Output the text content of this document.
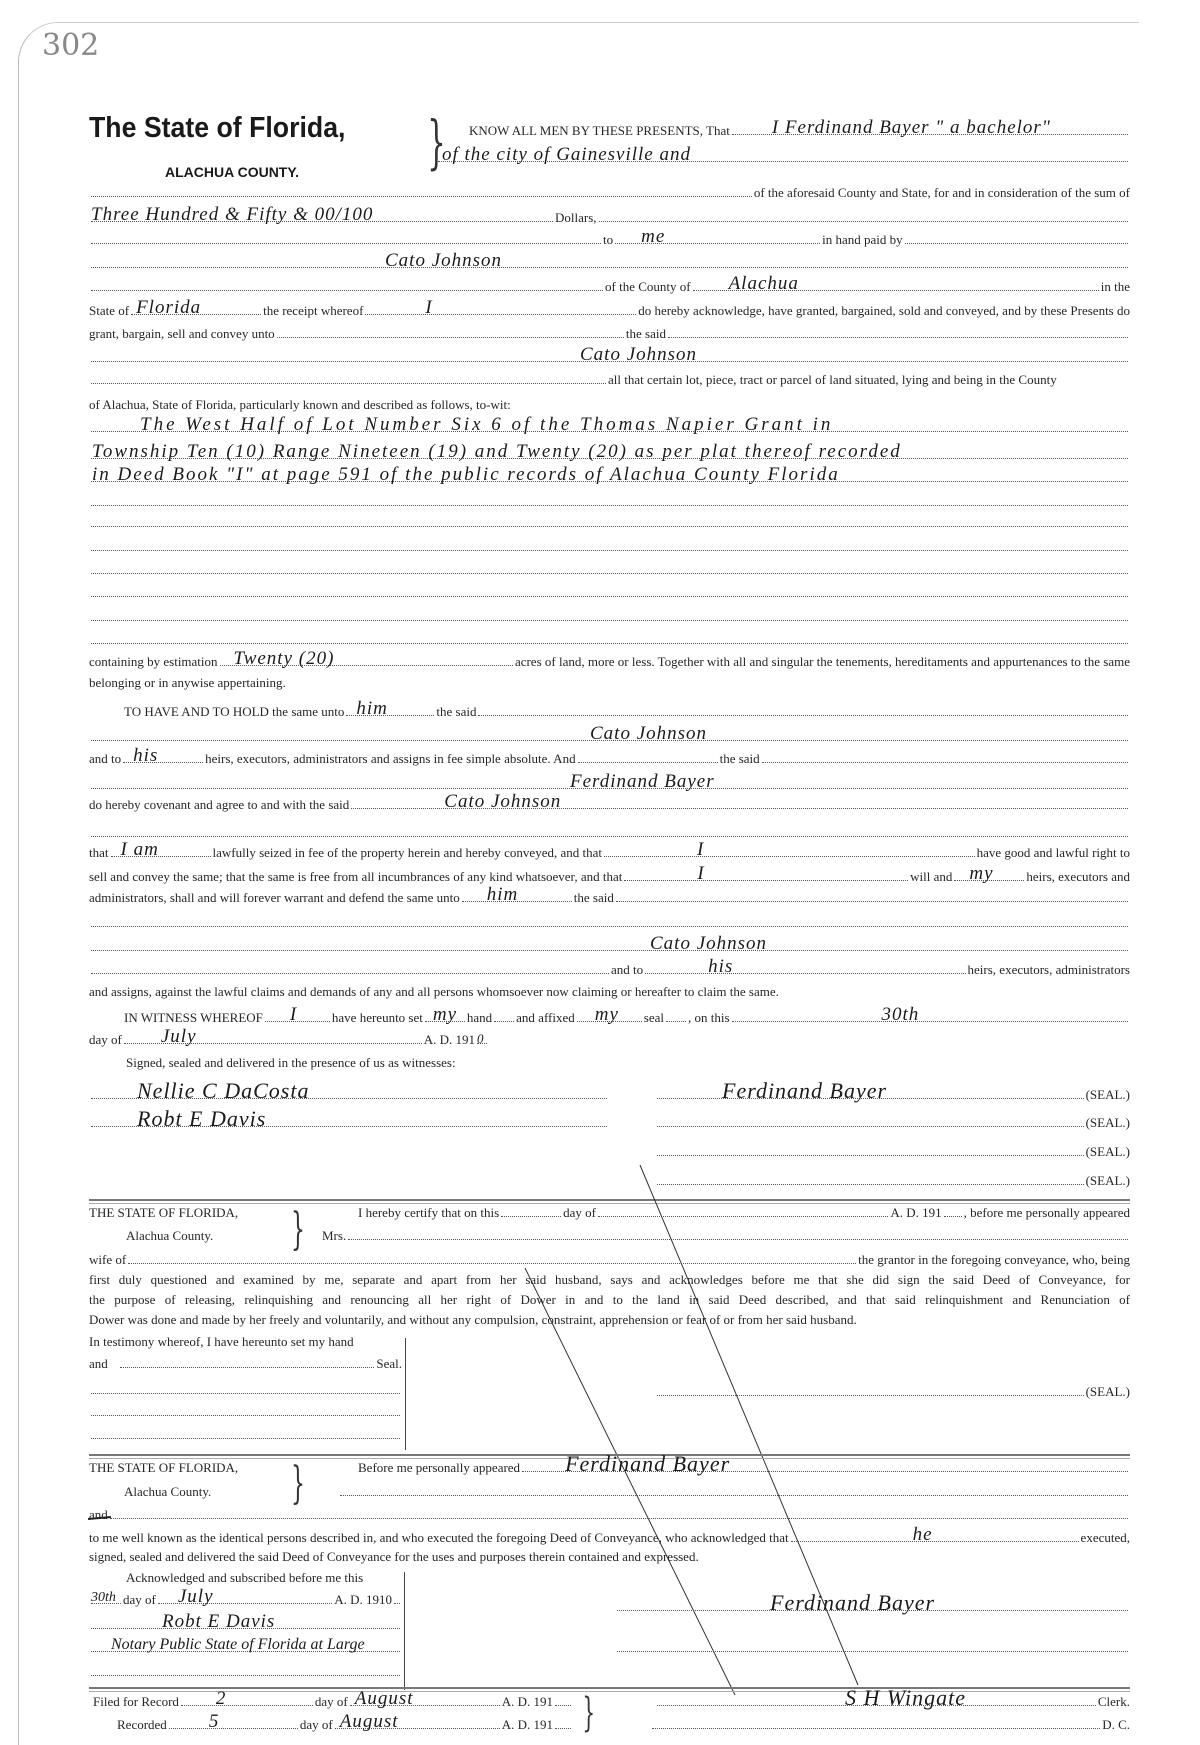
302
The State of Florida,
ALACHUA COUNTY. } KNOW ALL MEN BY THESE PRESENTS, That I Ferdinand Bayer " a bachelor"
of the city of Gainesville and
of the aforesaid County and State, for and in consideration of the sum of
Three Hundred & Fifty & 00/100	Dollars,
to me	in hand paid by
Cato Johnson
of the County of Alachua	in the
State of Florida	the receipt whereof	I	do hereby acknowledge, have granted, bargained, sold and conveyed, and by these Presents do
grant, bargain, sell and convey unto	the said
Cato Johnson
all that certain lot, piece, tract or parcel of land situated, lying and being in the County
of Alachua, State of Florida, particularly known and described as follows, to-wit:
The West Half of Lot Number Six 6 of the Thomas Napier Grant in
Township Ten (10) Range Nineteen (19) and Twenty (20) as per plat thereof recorded
in Deed Book "I" at page 591 of the public records of Alachua County Florida
containing by estimation Twenty (20)	acres of land, more or less. Together with all and singular the tenements, hereditaments and appurtenances to the same
belonging or in anywise appertaining.
TO HAVE AND TO HOLD the same unto him	the said
Cato Johnson
and to his	heirs, executors, administrators and assigns in fee simple absolute. And	the said
Ferdinand Bayer
do hereby covenant and agree to and with the said	Cato Johnson
that I am	lawfully seized in fee of the property herein and hereby conveyed, and that	I	have good and lawful right to
sell and convey the same; that the same is free from all incumbrances of any kind whatsoever, and that	I	will and my	heirs, executors and
administrators, shall and will forever warrant and defend the same unto him	the said
Cato Johnson
and to	his	heirs, executors, administrators
and assigns, against the lawful claims and demands of any and all persons whomsoever now claiming or hereafter to claim the same.
IN WITNESS WHEREOF I	have hereunto set my hand and affixed my seal , on this	30th
day of July	A. D. 191 0
Signed, sealed and delivered in the presence of us as witnesses:
Nellie C DaCosta
Robt E Davis
Ferdinand Bayer	(SEAL.)
(SEAL.)
(SEAL.)
(SEAL.)
THE STATE OF FLORIDA,
Alachua County. }	I hereby certify that on this	day of	A. D. 191 , before me personally appeared
Mrs.
wife of	the grantor in the foregoing conveyance, who, being
first duly questioned and examined by me, separate and apart from her said husband, says and acknowledges before me that she did sign the said Deed of Conveyance, for
the purpose of releasing, relinquishing and renouncing all her right of Dower in and to the land in said Deed described, and that said relinquishment and Renunciation of
Dower was done and made by her freely and voluntarily, and without any compulsion, constraint, apprehension or fear of or from her said husband.
In testimony whereof, I have hereunto set my hand
and	Seal.
(SEAL.)
THE STATE OF FLORIDA,
Alachua County. }	Before me personally appeared Ferdinand Bayer
and
to me well known as the identical persons described in, and who executed the foregoing Deed of Conveyance, who acknowledged that	he	executed,
signed, sealed and delivered the said Deed of Conveyance for the uses and purposes therein contained and expressed.
Acknowledged and subscribed before me this
30th day of July	A. D. 1910
Robt E Davis
Notary Public State of Florida at Large
Ferdinand Bayer
Filed for Record 2	day of August	A. D. 191
Recorded 5	day of August	A. D. 191 }	S H Wingate	Clerk.
D. C.
